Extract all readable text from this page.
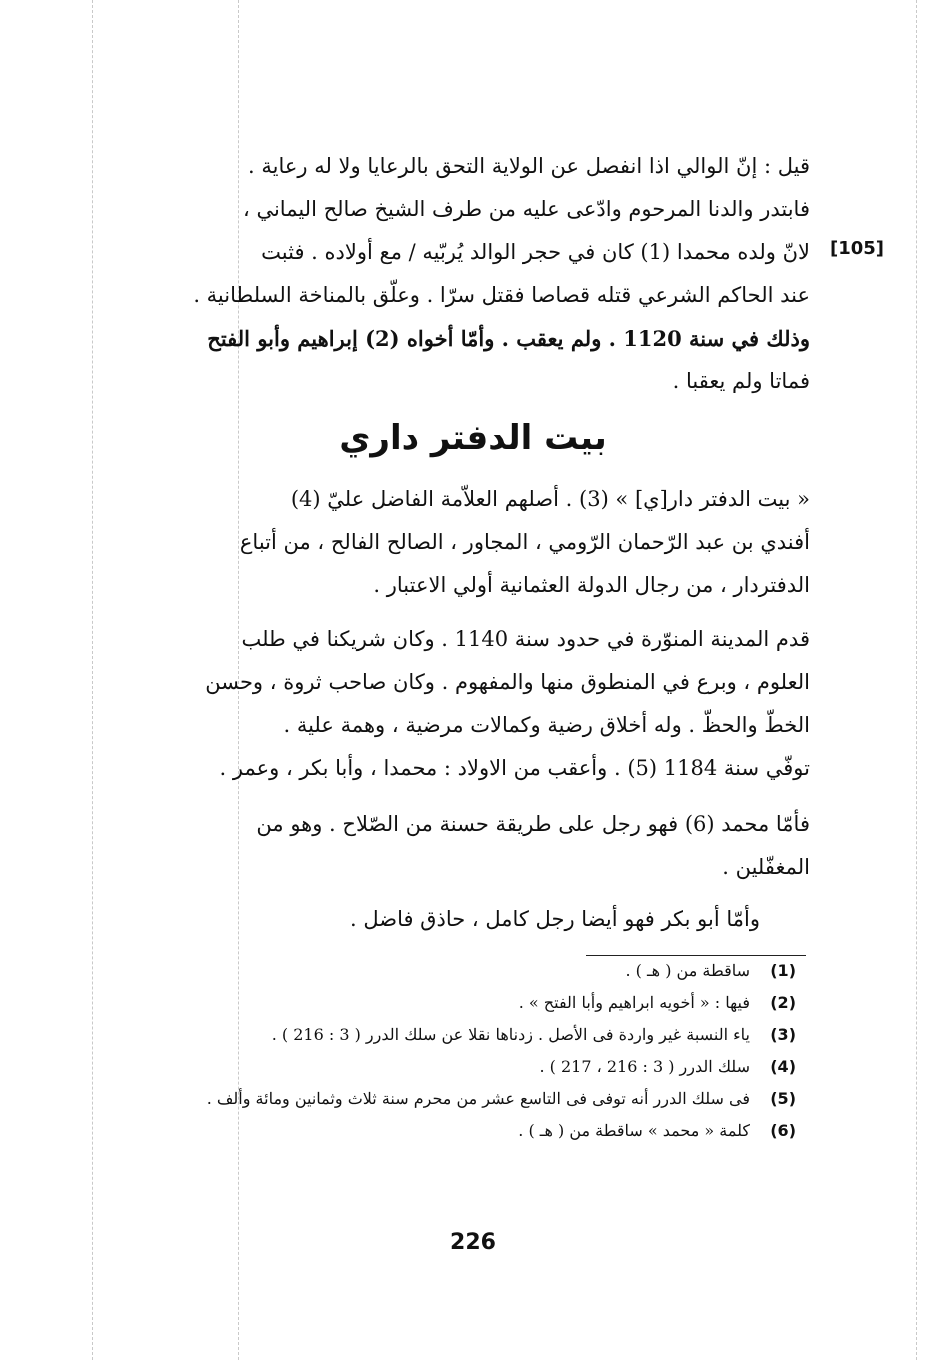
[105]
قيل : إنّ الوالي اذا انفصل عن الولاية التحق بالرعايا ولا له رعاية .
فابتدر والدنا المرحوم وادّعى عليه من طرف الشيخ صالح اليماني ،
لانّ ولده محمدا (1) كان في حجر الوالد يُربّيه / مع أولاده . فثبت
عند الحاكم الشرعي قتله قصاصا فقتل سرّا . وعلّق بالمناخة السلطانية .
وذلك في سنة 1120 . ولم يعقب . وأمّا أخواه (2) إبراهيم وأبو الفتح
فماتا ولم يعقبا .
بيت الدفتر داري
« بيت الدفتر دار[ي] » (3) . أصلهم العلاّمة الفاضل عليّ (4)
أفندي بن عبد الرّحمان الرّومي ، المجاور ، الصالح الفالح ، من أتباع
الدفتردار ، من رجال الدولة العثمانية أولي الاعتبار .
قدم المدينة المنوّرة في حدود سنة 1140 . وكان شريكنا في طلب
العلوم ، وبرع في المنطوق منها والمفهوم . وكان صاحب ثروة ، وحسن
الخطّ والحظّ . وله أخلاق رضية وكمالات مرضية ، وهمة علية .
توفّي سنة 1184 (5) . وأعقب من الاولاد : محمدا ، وأبا بكر ، وعمر .
فأمّا محمد (6) فهو رجل على طريقة حسنة من الصّلاح . وهو من
المغفّلين .
وأمّا أبو بكر فهو أيضا رجل كامل ، حاذق فاضل .
(1)
ساقطة من ( هـ ) .
(2)
فيها : « أخويه ابراهيم وأبا الفتح » .
(3)
ياء النسبة غير واردة فى الأصل . زدناها نقلا عن سلك الدرر ( 3 : 216 ) .
(4)
سلك الدرر ( 3 : 216 ، 217 ) .
(5)
فى سلك الدرر أنه توفى فى التاسع عشر من محرم سنة ثلاث وثمانين ومائة وألف .
(6)
كلمة « محمد » ساقطة من ( هـ ) .
226
